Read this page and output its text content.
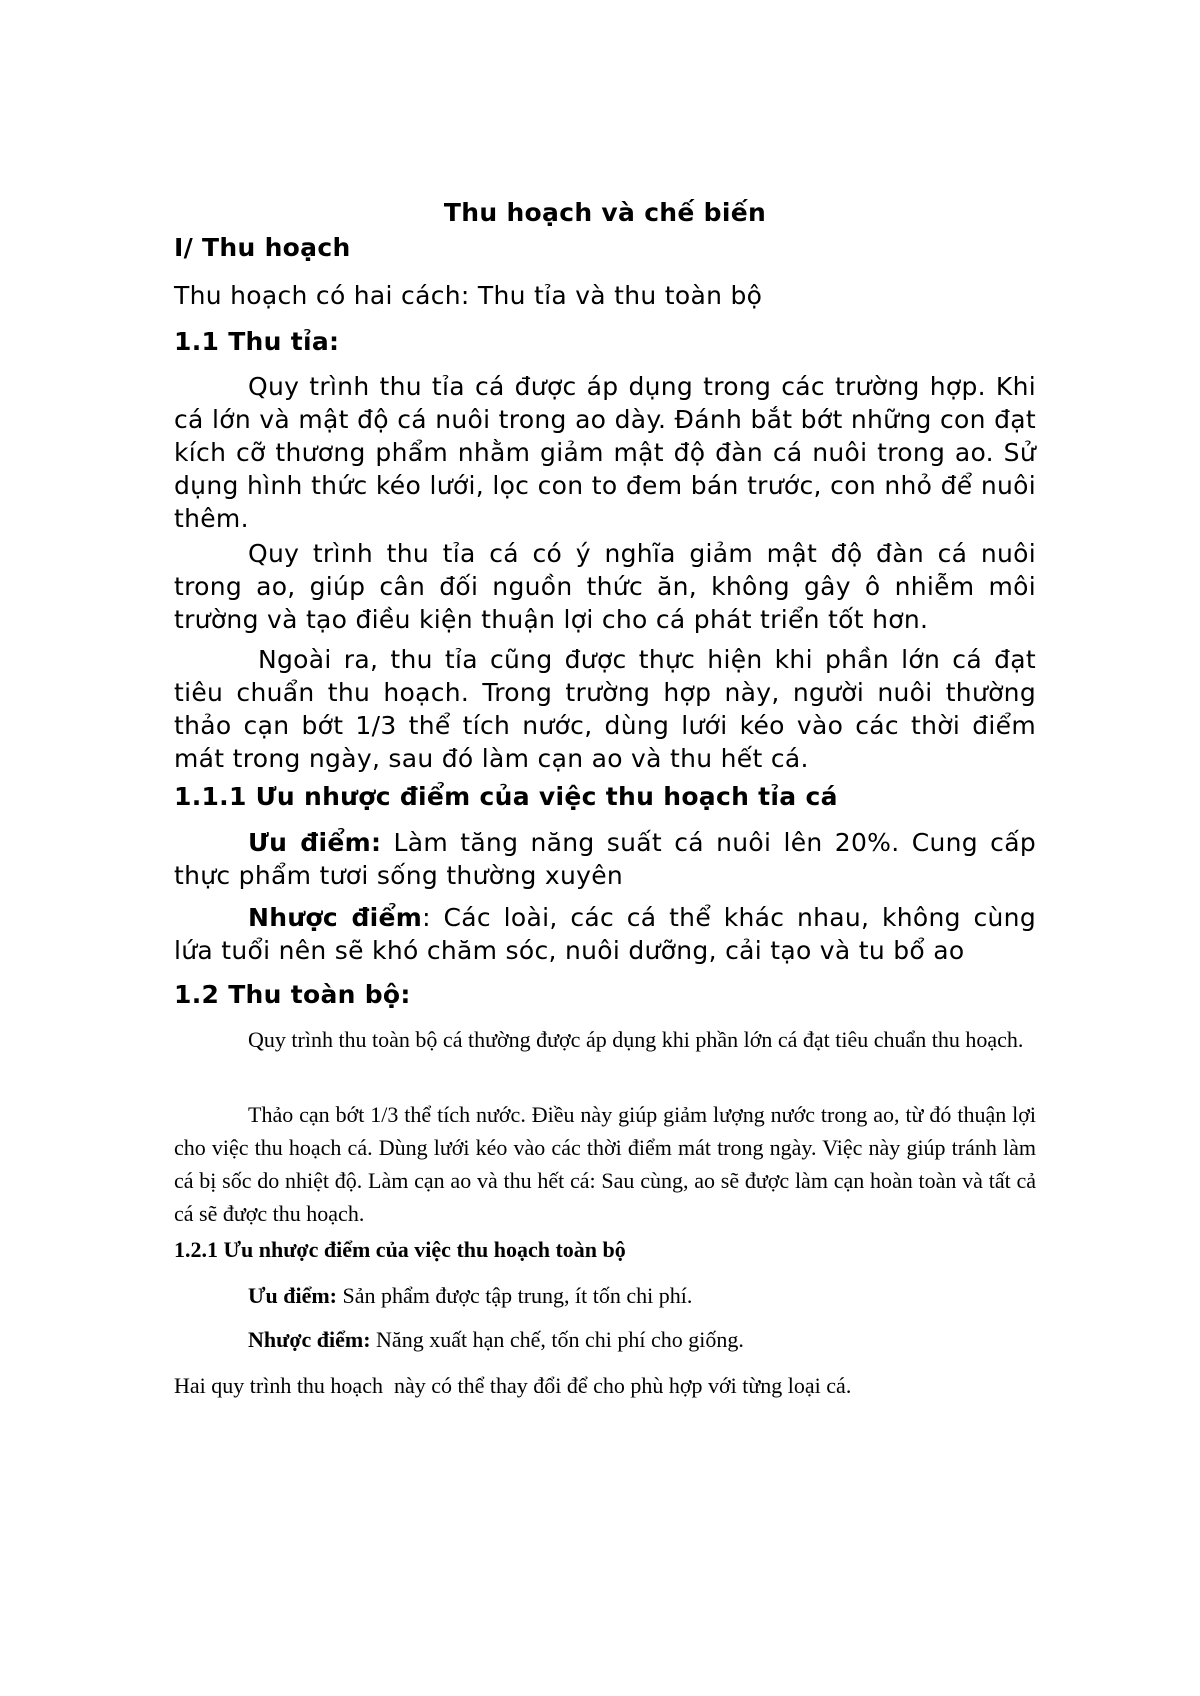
Thu hoạch và chế biến
I/ Thu hoạch

Thu hoạch có hai cách: Thu tỉa và thu toàn bộ

1.1 Thu tỉa:

Quy trình thu tỉa cá được áp dụng trong các trường hợp. Khi cá lớn và mật độ cá nuôi trong ao dày. Đánh bắt bớt những con đạt kích cỡ thương phẩm nhằm giảm mật độ đàn cá nuôi trong ao. Sử dụng hình thức kéo lưới, lọc con to đem bán trước, con nhỏ để nuôi thêm.

Quy trình thu tỉa cá có ý nghĩa giảm mật độ đàn cá nuôi trong ao, giúp cân đối nguồn thức ăn, không gây ô nhiễm môi trường và tạo điều kiện thuận lợi cho cá phát triển tốt hơn.

Ngoài ra, thu tỉa cũng được thực hiện khi phần lớn cá đạt tiêu chuẩn thu hoạch. Trong trường hợp này, người nuôi thường thảo cạn bớt 1/3 thể tích nước, dùng lưới kéo vào các thời điểm mát trong ngày, sau đó làm cạn ao và thu hết cá.

1.1.1 Ưu nhược điểm của việc thu hoạch tỉa cá

Ưu điểm: Làm tăng năng suất cá nuôi lên 20%. Cung cấp thực phẩm tươi sống thường xuyên

Nhược điểm: Các loài, các cá thể khác nhau, không cùng lứa tuổi nên sẽ khó chăm sóc, nuôi dưỡng, cải tạo và tu bổ ao

1.2 Thu toàn bộ:

Quy trình thu toàn bộ cá thường được áp dụng khi phần lớn cá đạt tiêu chuẩn thu hoạch.

Thảo cạn bớt 1/3 thể tích nước. Điều này giúp giảm lượng nước trong ao, từ đó thuận lợi cho việc thu hoạch cá. Dùng lưới kéo vào các thời điểm mát trong ngày. Việc này giúp tránh làm cá bị sốc do nhiệt độ. Làm cạn ao và thu hết cá: Sau cùng, ao sẽ được làm cạn hoàn toàn và tất cả cá sẽ được thu hoạch.

1.2.1 Ưu nhược điểm của việc thu hoạch toàn bộ

Ưu điểm: Sản phẩm được tập trung, ít tốn chi phí.

Nhược điểm: Năng xuất hạn chế, tốn chi phí cho giống.

Hai quy trình thu hoạch  này có thể thay đổi để cho phù hợp với từng loại cá.
